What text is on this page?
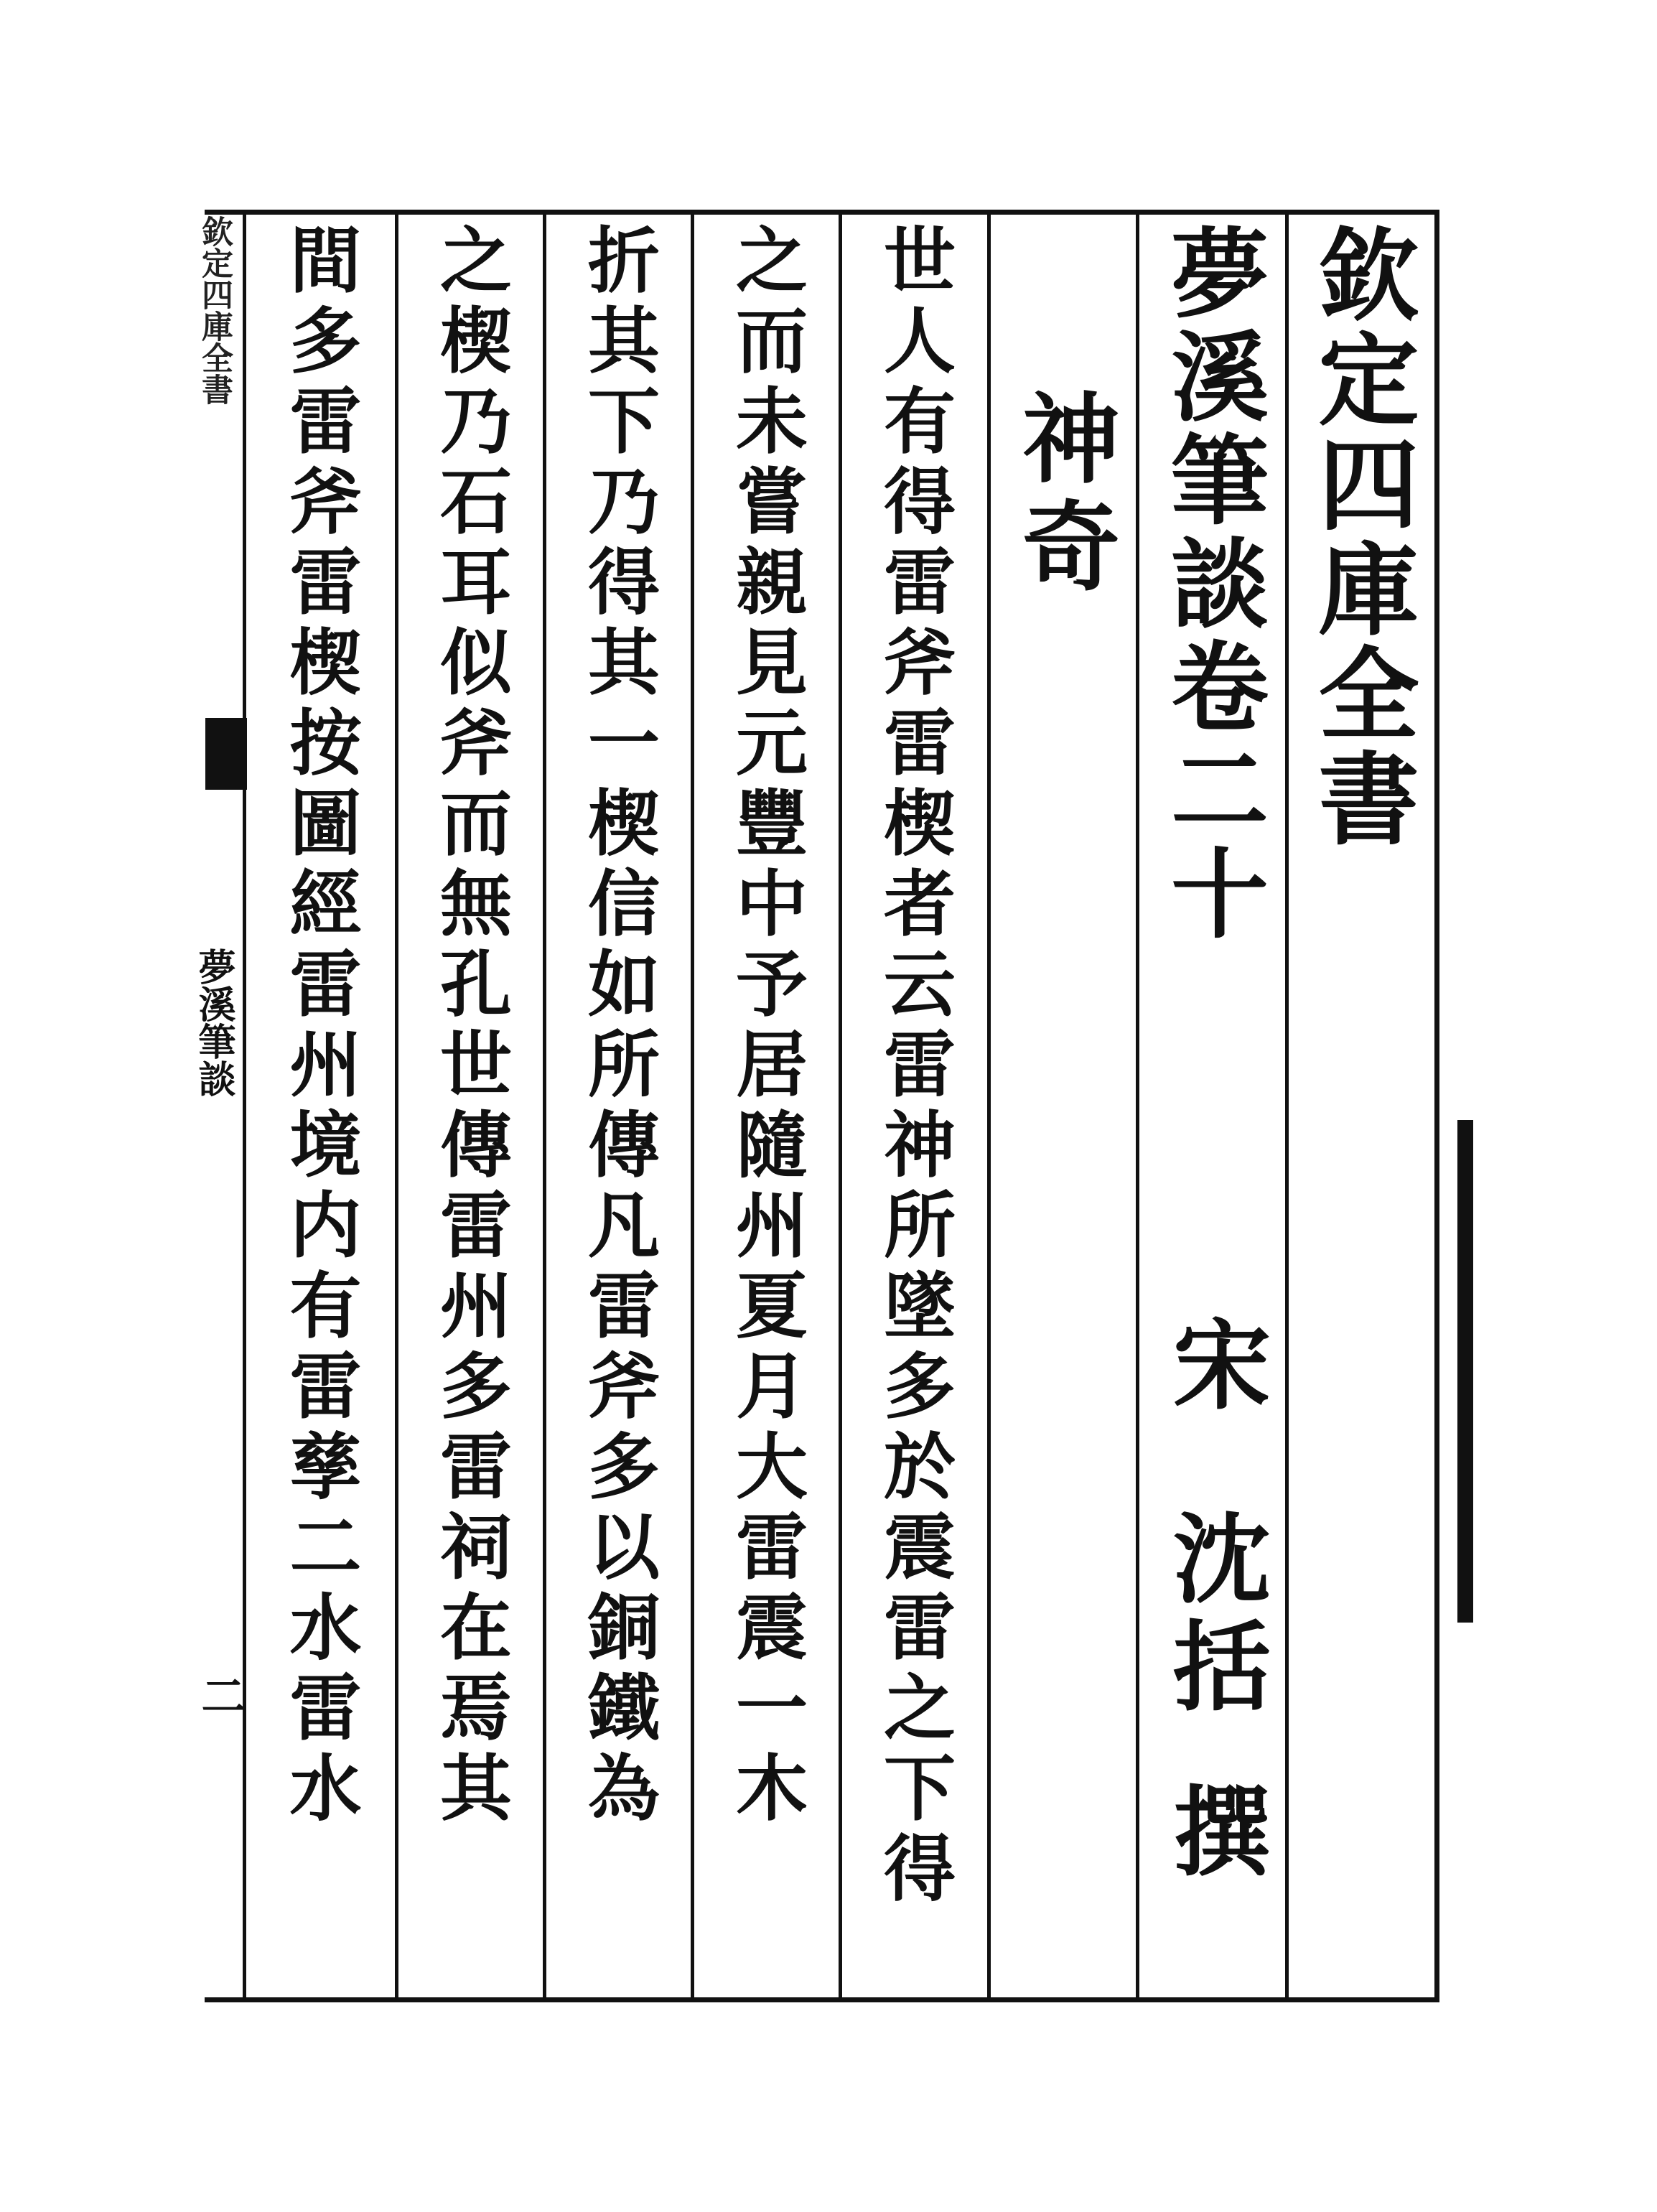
欽定四庫全書
夢溪筆談卷二十
宋
沈括
撰
神奇
世人有得雷斧雷楔者云雷神所墜多於震雷之下得
之而未嘗親見元豐中予居隨州夏月大雷震一木
折其下乃得其一楔信如所傳凡雷斧多以銅鐵為
之楔乃石耳似斧而無孔世傳雷州多雷祠在焉其
間多雷斧雷楔按圖經雷州境内有雷孳二水雷水
欽定四庫全書
夢溪筆談
二
